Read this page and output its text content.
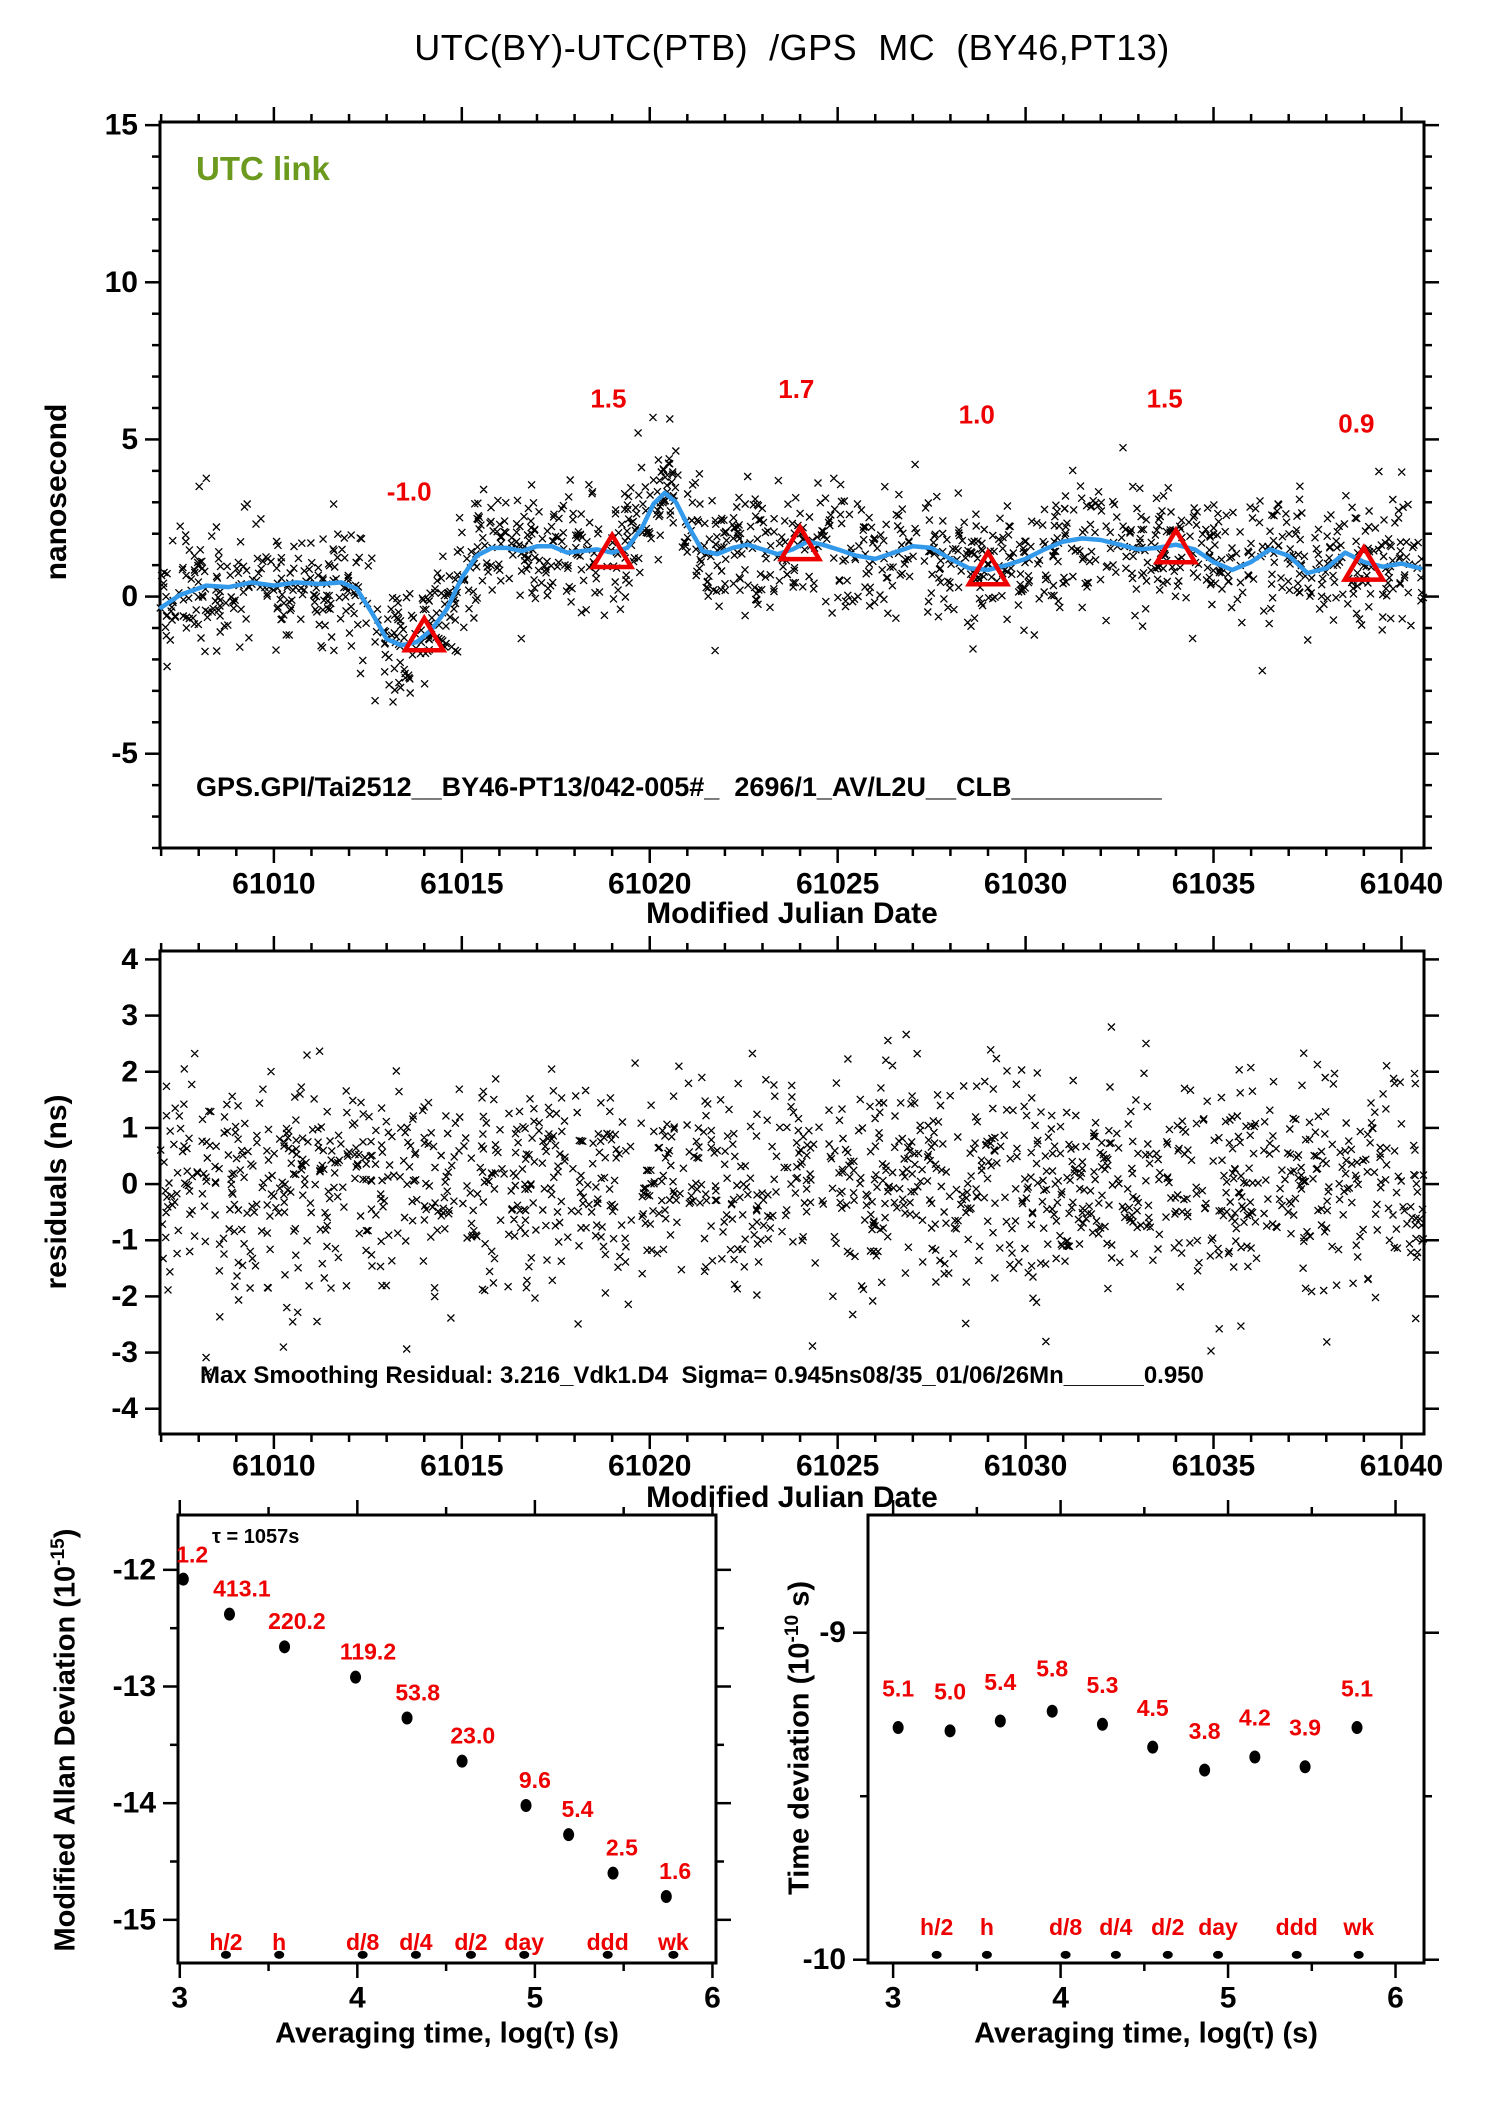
61010	61015	61020	61025	61030	61035	61040
15
10
5
0
-5
-1.0
1.5	1.7
1.0
1.5
0.9
61010	61015	61020	61025	61030	61035	61040
4
3
2
1
0
-1
-2
-3
-4
3	4	5	6
-12
-13
-14
-15
1.2
413.1
220.2
119.2
53.8
23.0
9.6
5.4
2.5
1.6
h/2 h	d/8 d/4 d/2 day ddd wk
3	4	5	6
-9
-10
5.1 5.0 5.4
5.8
5.3
4.5
3.8
4.2 3.9
5.1
h/2 h d/8 d/4 d/2 day ddd wk
UTC(BY)-UTC(PTB)  /GPS  MC  (BY46,PT13)
UTC link
GPS.GPI/Tai2512__BY46-PT13/042-005#_  2696/1_AV/L2U__CLB__________
nanosecond
Modified Julian Date
residuals (ns)
Max Smoothing Residual: 3.216_Vdk1.D4  Sigma= 0.945ns08/35_01/06/26Mn______0.950
Modified Julian Date
τ = 1057s
Modified Allan Deviation $(10^{-15})$
Time deviation ($10^{-10}$ s)
Averaging time, log(τ) (s)	Averaging time, log(τ) (s)
